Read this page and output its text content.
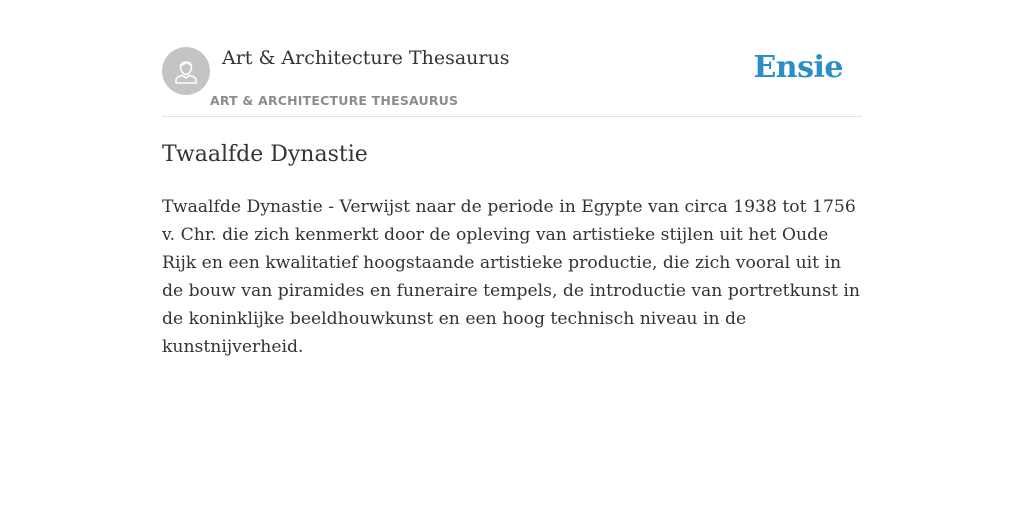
Art & Architecture Thesaurus
ART & ARCHITECTURE THESAURUS
Ensie
Twaalfde Dynastie

Twaalfde Dynastie - Verwijst naar de periode in Egypte van circa 1938 tot 1756 v. Chr. die zich kenmerkt door de opleving van artistieke stijlen uit het Oude Rijk en een kwalitatief hoogstaande artistieke productie, die zich vooral uit in de bouw van piramides en funeraire tempels, de introductie van portretkunst in de koninklijke beeldhouwkunst en een hoog technisch niveau in de kunstnijverheid.
